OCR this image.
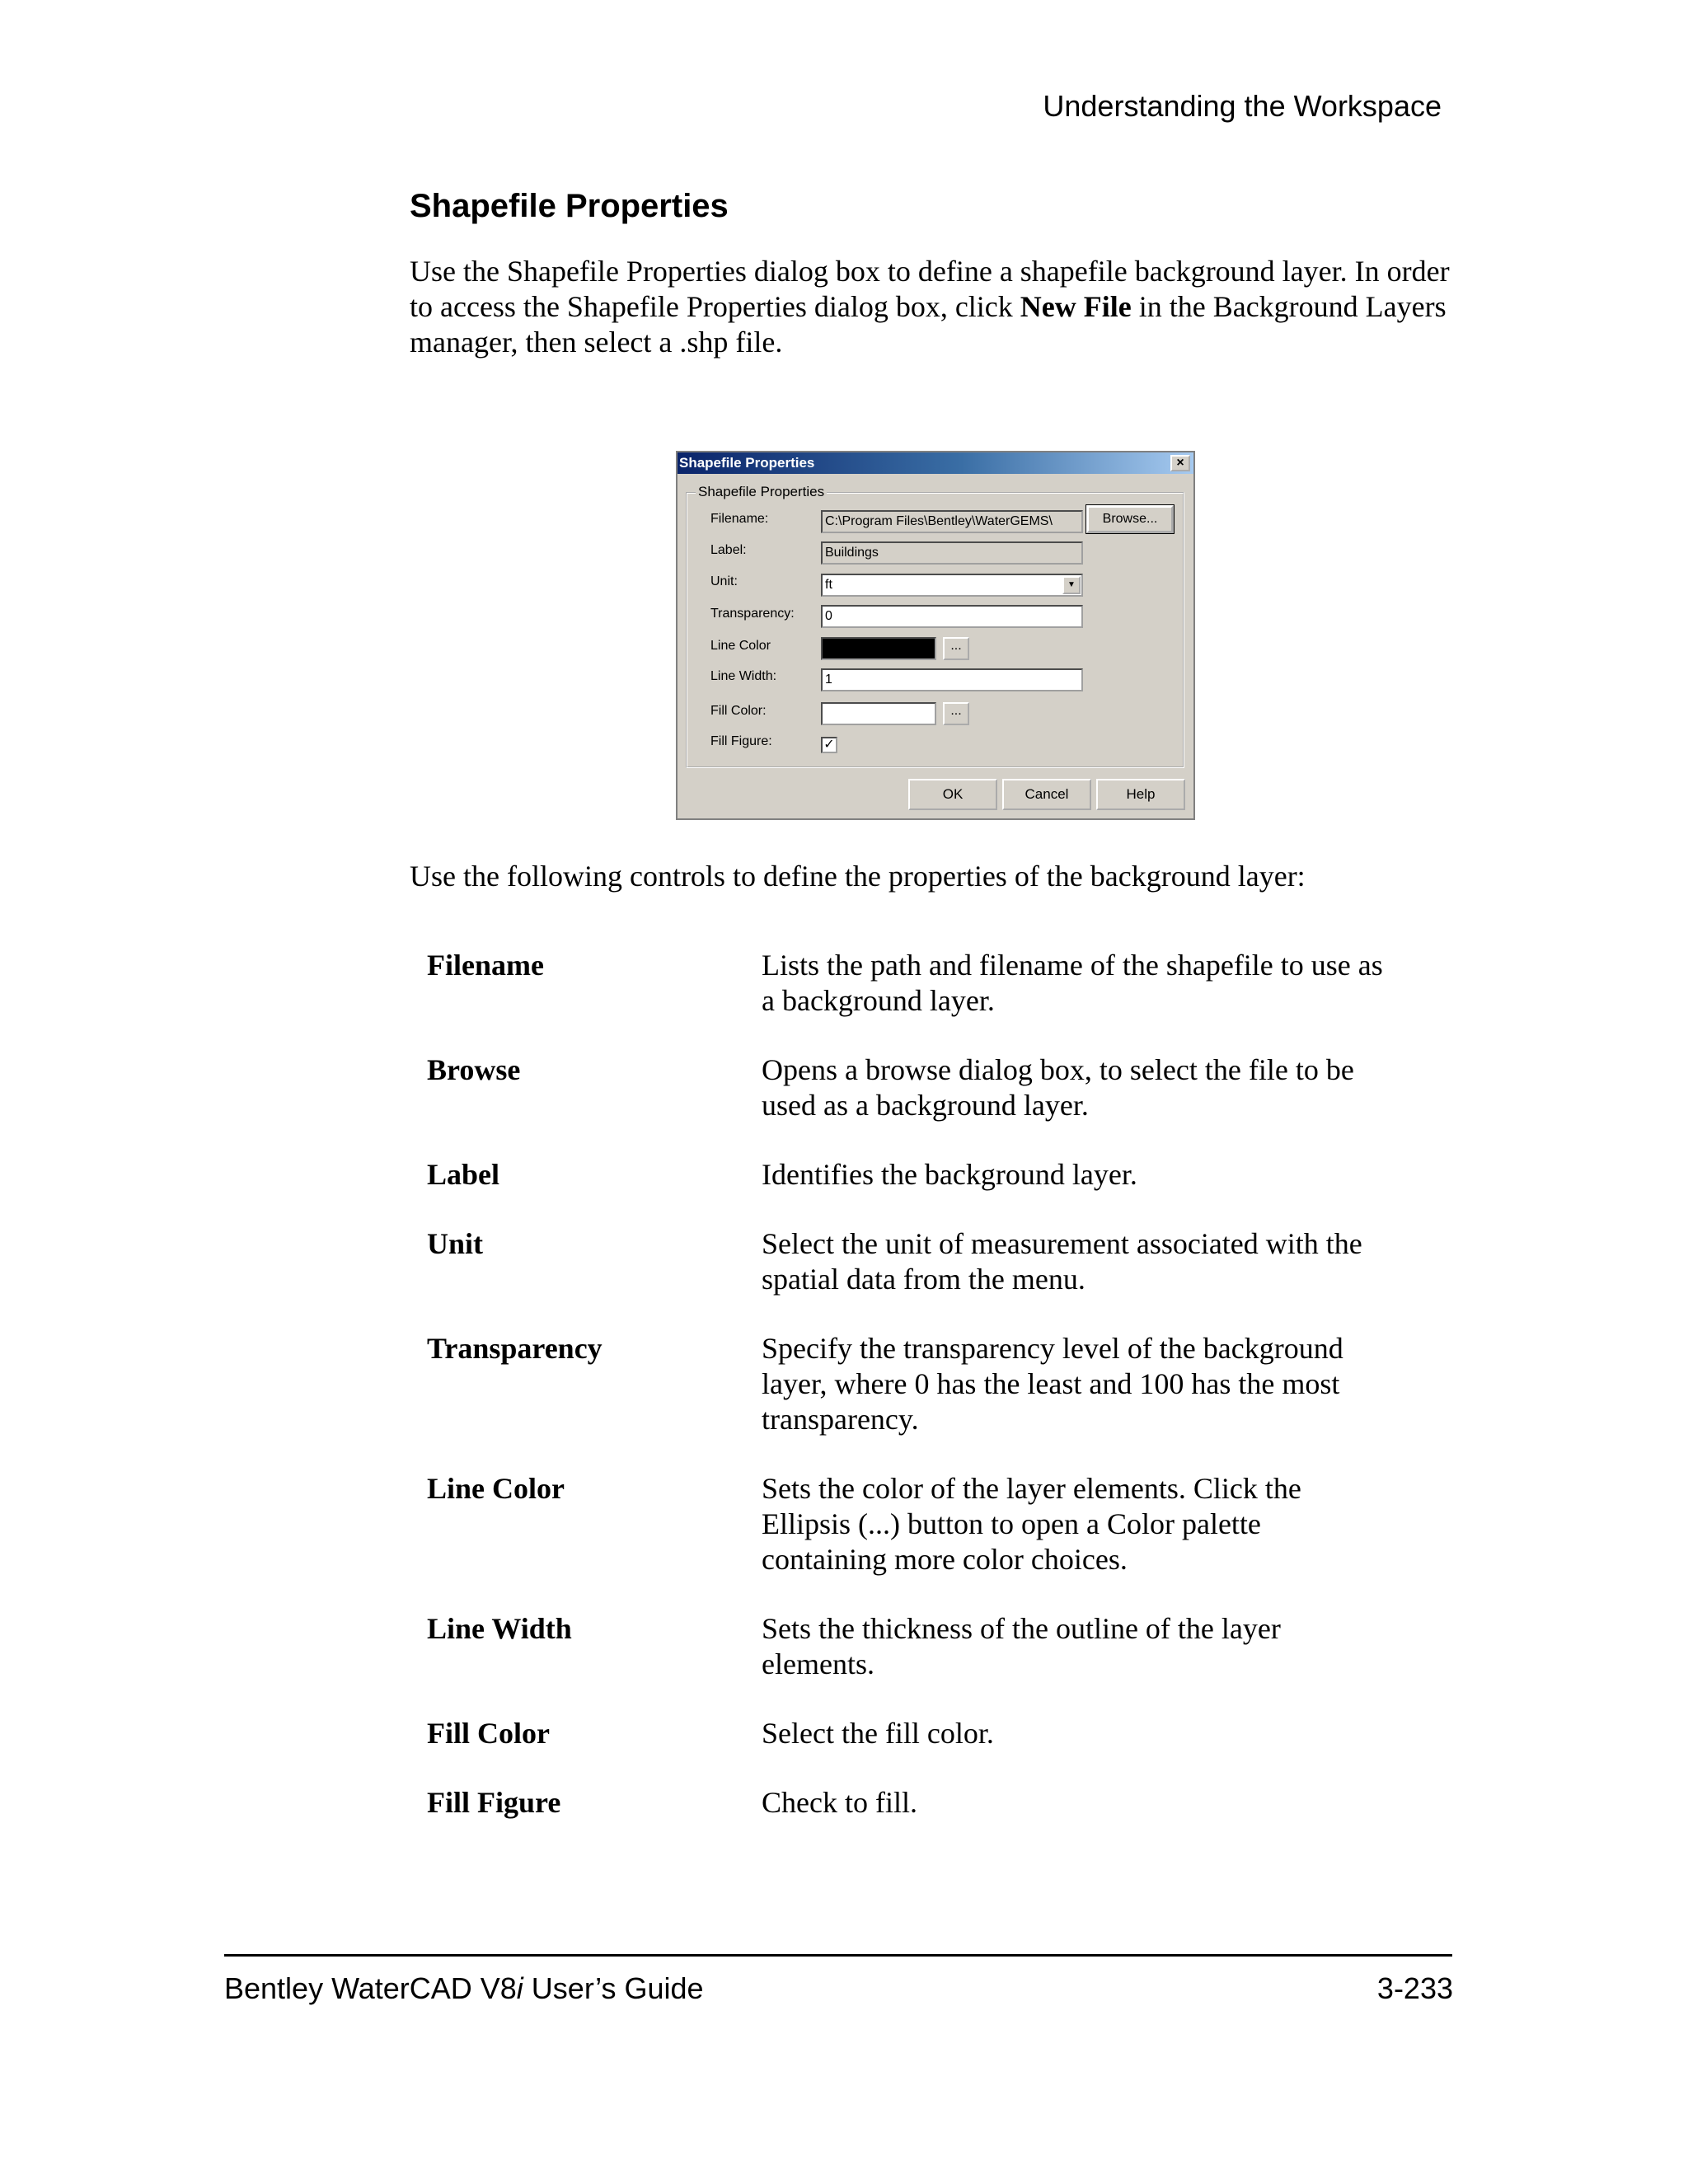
Understanding the Workspace
Shapefile Properties

Use the Shapefile Properties dialog box to define a shapefile background layer. In order to access the Shapefile Properties dialog box, click New File in the Background Layers manager, then select a .shp file.

Shapefile Properties	×
Shapefile Properties
Filename:	C:\Program Files\Bentley\WaterGEMS\
Label:	Buildings
Unit:	ft	▼
Transparency:	0
Line Color	...
Line Width:	1
Fill Color:	...
Fill Figure:	✓
Browse...
OK	Cancel	Help
Use the following controls to define the properties of the background layer:
Filename	Lists the path and filename of the shapefile to use as a background layer.
Browse	Opens a browse dialog box, to select the file to be used as a background layer.
Label	Identifies the background layer.
Unit	Select the unit of measurement associated with the spatial data from the menu.
Transparency	Specify the transparency level of the background layer, where 0 has the least and 100 has the most transparency.
Line Color	Sets the color of the layer elements. Click the Ellipsis (...) button to open a Color palette containing more color choices.
Line Width	Sets the thickness of the outline of the layer elements.
Fill Color	Select the fill color.
Fill Figure	Check to fill.
Bentley WaterCAD V8i User’s Guide	3-233
